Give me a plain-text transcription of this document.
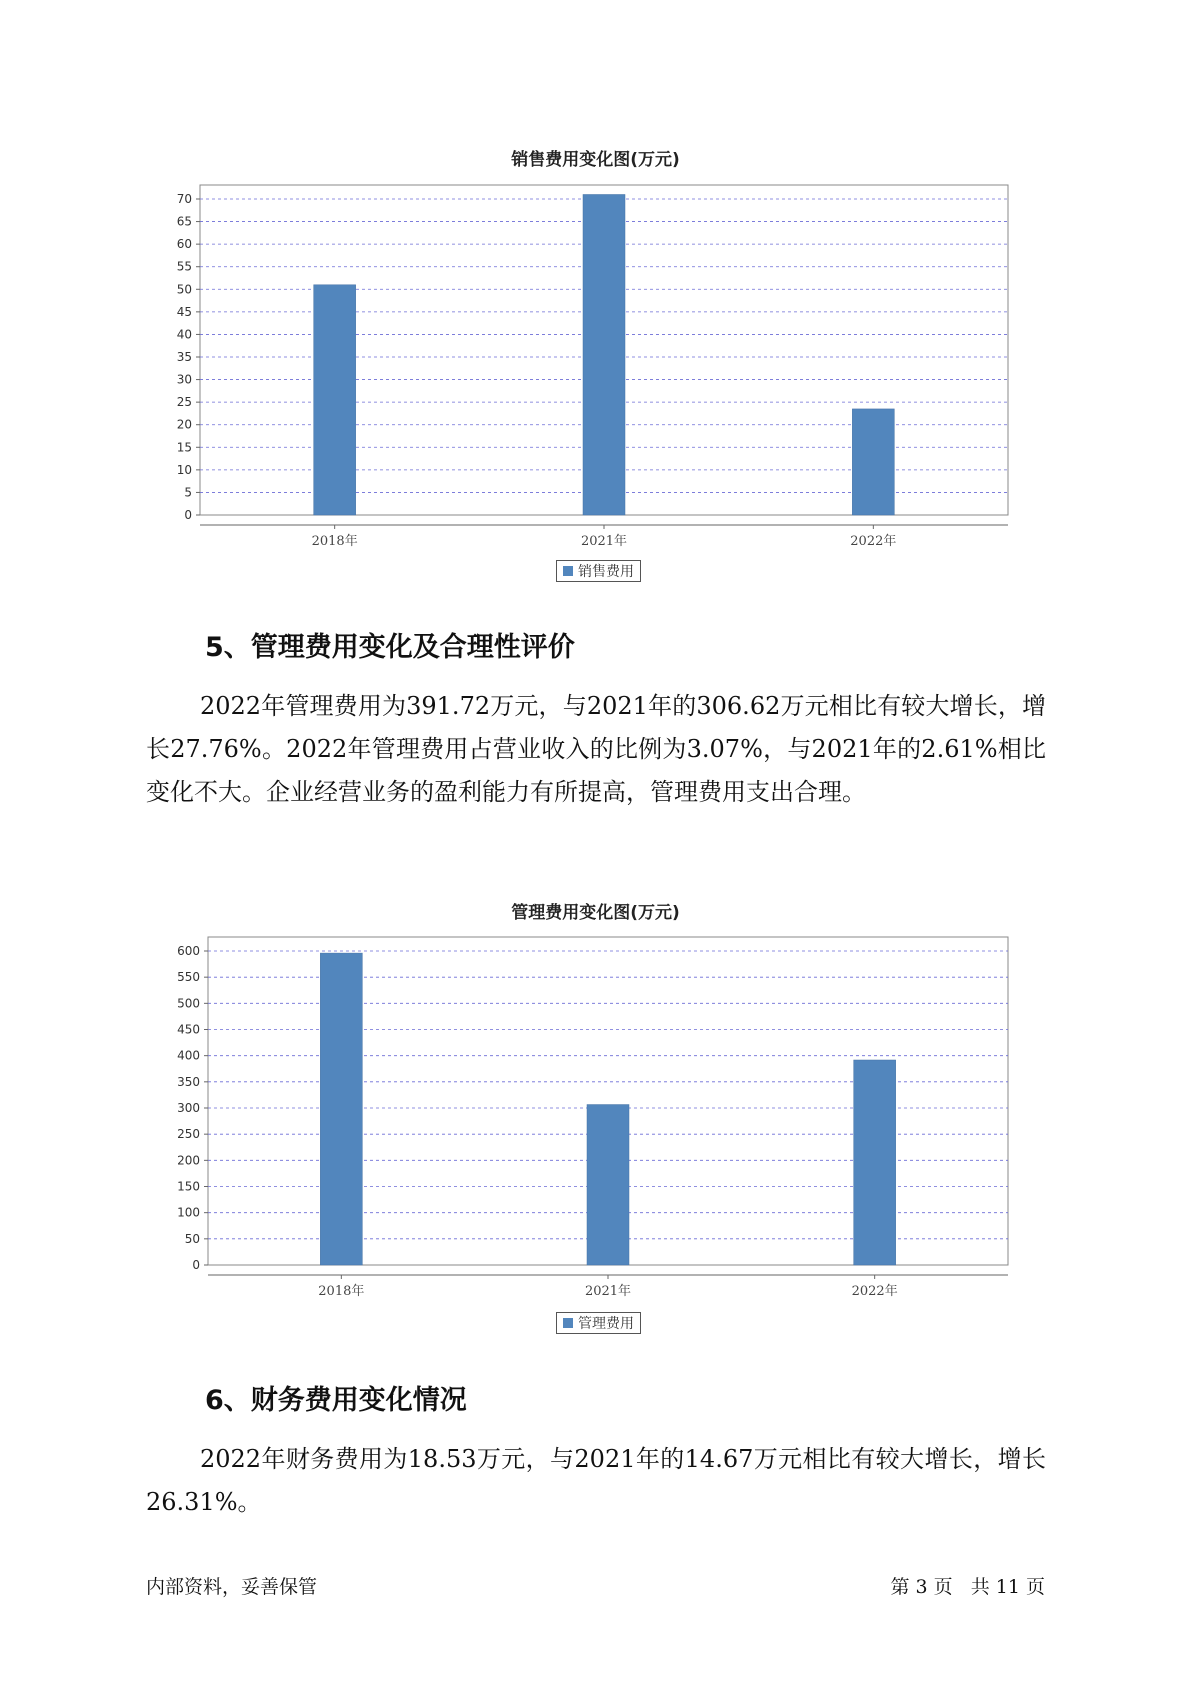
销售费用变化图(万元)
0
5
10
15
20
25
30
35
40
45
50
55
60
65
70
2018年	2021年	2022年
销售费用
5、管理费用变化及合理性评价

2022年管理费用为391.72万元，与2021年的306.62万元相比有较大增长，增长27.76%。2022年管理费用占营业收入的比例为3.07%，与2021年的2.61%相比变化不大。企业经营业务的盈利能力有所提高，管理费用支出合理。

管理费用变化图(万元)
0
50
100
150
200
250
300
350
400
450
500
550
600
2018年	2021年	2022年
管理费用
6、财务费用变化情况

2022年财务费用为18.53万元，与2021年的14.67万元相比有较大增长，增长26.31%。

内部资料，妥善保管	第 3 页   共 11 页
